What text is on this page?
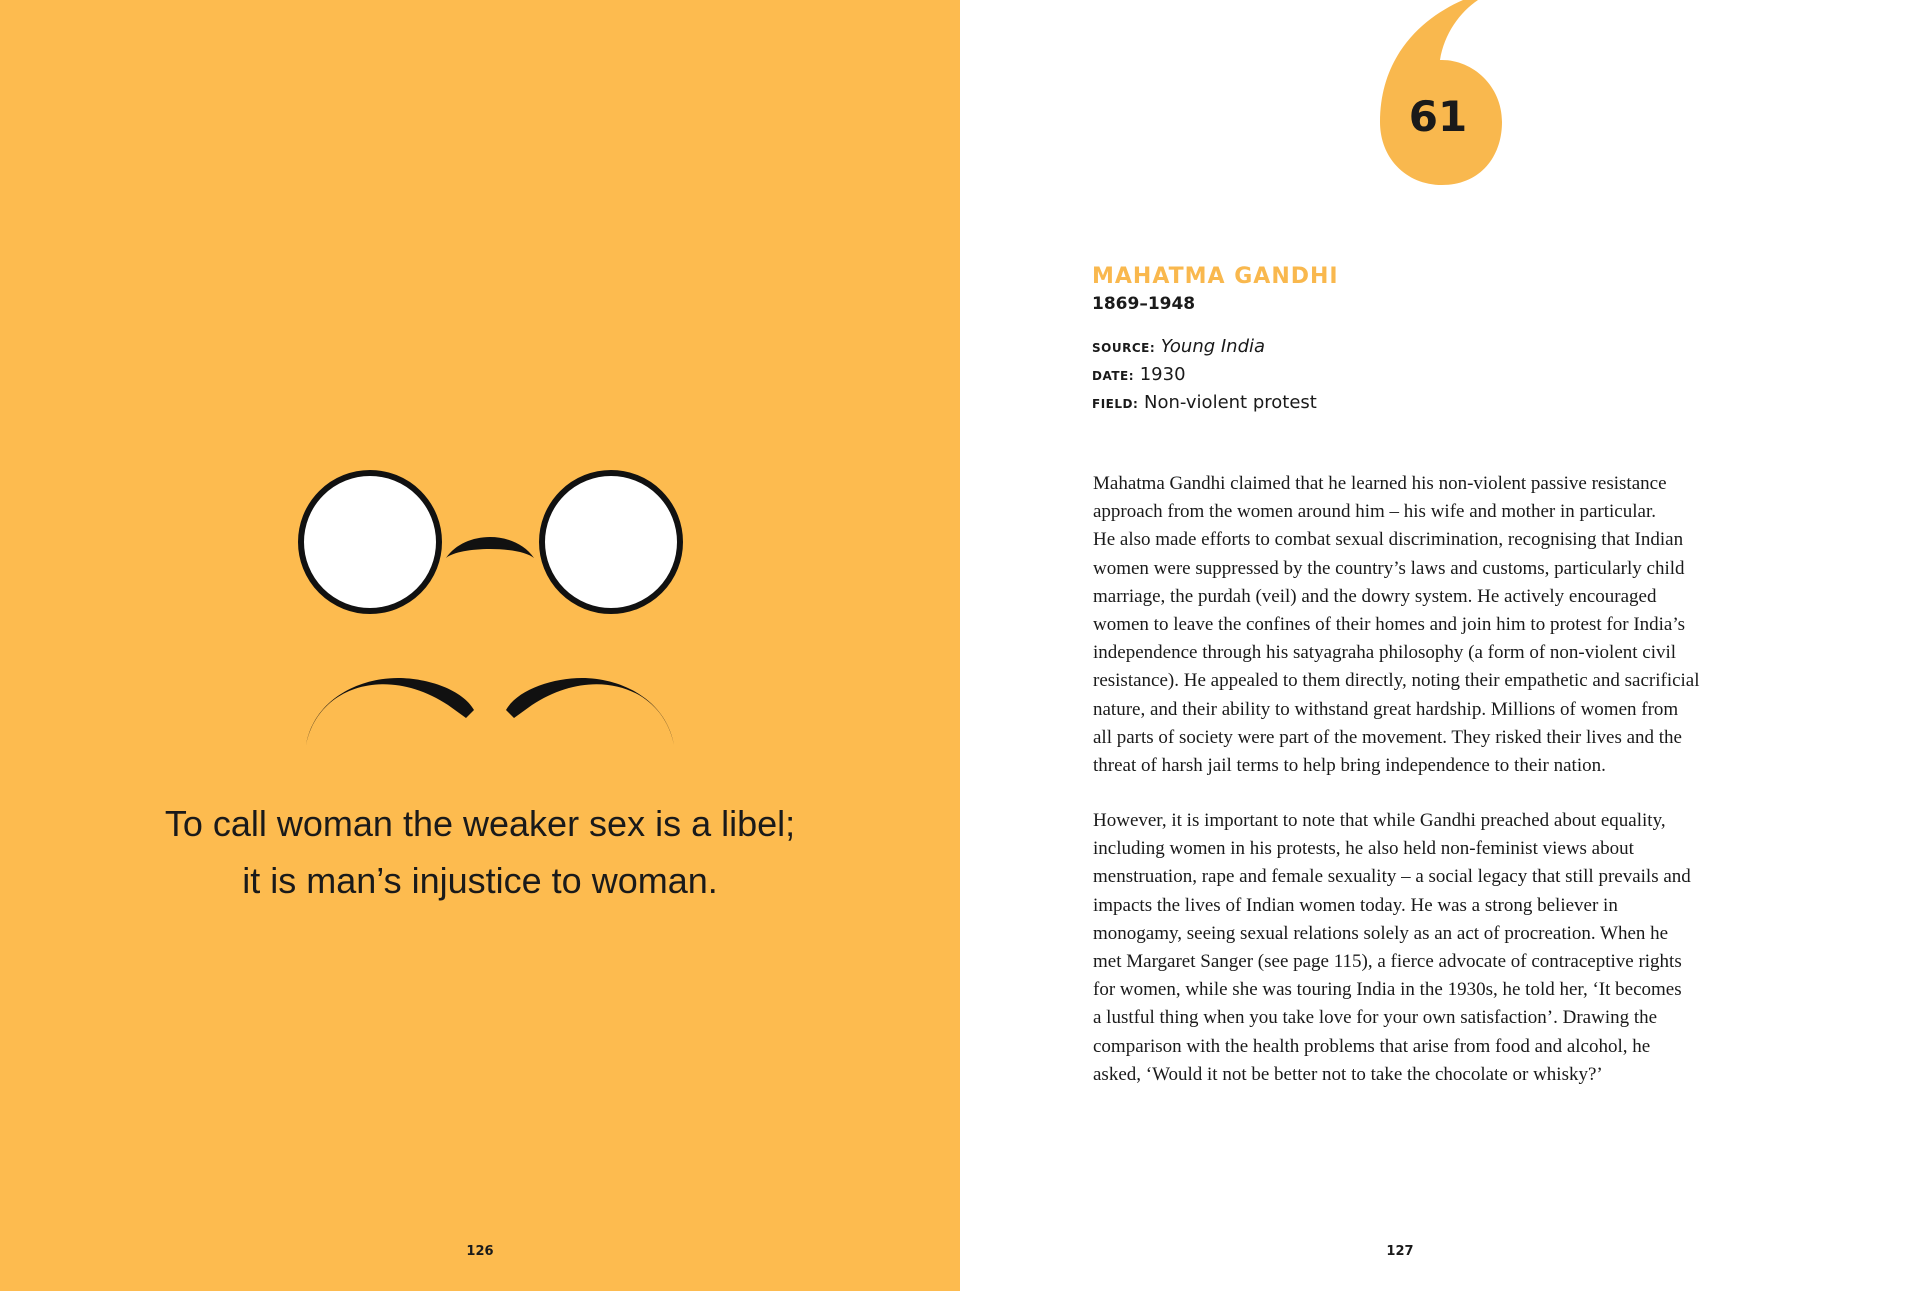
To call woman the weaker sex is a libel;
it is man’s injustice to woman.

126	127
61
MAHATMA GANDHI
1869–1948
SOURCE: Young India
DATE: 1930
FIELD: Non-violent protest

Mahatma Gandhi claimed that he learned his non-violent passive resistance
approach from the women around him – his wife and mother in particular.
He also made efforts to combat sexual discrimination, recognising that Indian
women were suppressed by the country’s laws and customs, particularly child
marriage, the purdah (veil) and the dowry system. He actively encouraged
women to leave the confines of their homes and join him to protest for India’s
independence through his satyagraha philosophy (a form of non-violent civil
resistance). He appealed to them directly, noting their empathetic and sacrificial
nature, and their ability to withstand great hardship. Millions of women from
all parts of society were part of the movement. They risked their lives and the
threat of harsh jail terms to help bring independence to their nation.

However, it is important to note that while Gandhi preached about equality,
including women in his protests, he also held non-feminist views about
menstruation, rape and female sexuality – a social legacy that still prevails and
impacts the lives of Indian women today. He was a strong believer in
monogamy, seeing sexual relations solely as an act of procreation. When he
met Margaret Sanger (see page 115), a fierce advocate of contraceptive rights
for women, while she was touring India in the 1930s, he told her, ‘It becomes
a lustful thing when you take love for your own satisfaction’. Drawing the
comparison with the health problems that arise from food and alcohol, he
asked, ‘Would it not be better not to take the chocolate or whisky?’
